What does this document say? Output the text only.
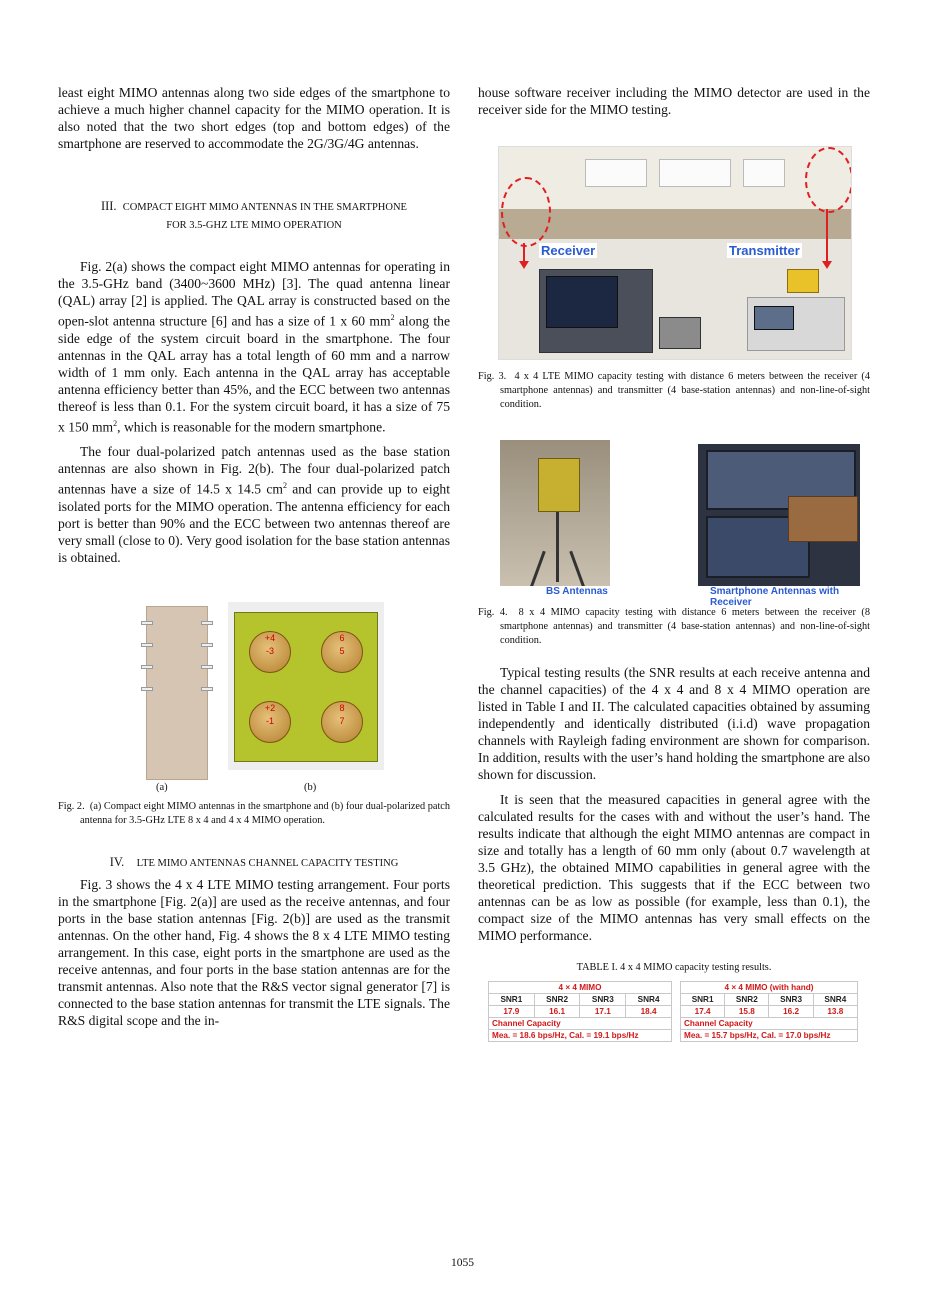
least eight MIMO antennas along two side edges of the smartphone to achieve a much higher channel capacity for the MIMO operation. It is also noted that the two short edges (top and bottom edges) of the smartphone are reserved to accommodate the 2G/3G/4G antennas.

III. COMPACT EIGHT MIMO ANTENNAS IN THE SMARTPHONE
FOR 3.5-GHZ LTE MIMO OPERATION

Fig. 2(a) shows the compact eight MIMO antennas for operating in the 3.5-GHz band (3400~3600 MHz) [3]. The quad antenna linear (QAL) array [2] is applied. The QAL array is constructed based on the open-slot antenna structure [6] and has a size of 1 x 60 $mm^2$ along the side edge of the system circuit board in the smartphone. The four antennas in the QAL array has a total length of 60 mm and a narrow width of 1 mm only. Each antenna in the QAL array has acceptable antenna efficiency better than 45%, and the ECC between two antennas thereof is less than 0.1. For the system circuit board, it has a size of 75 x 150 $mm^2$, which is reasonable for the modern smartphone.

The four dual-polarized patch antennas used as the base station antennas are also shown in Fig. 2(b). The four dual-polarized patch antennas have a size of 14.5 x 14.5 $cm^2$ and can provide up to eight isolated ports for the MIMO operation. The antenna efficiency for each port is better than 90% and the ECC between two antennas thereof are very small (close to 0). Very good isolation for the base station antennas is obtained.

+4
-3
6
5
+2
-1
8
7
(a)	(b)

Fig. 2. (a) Compact eight MIMO antennas in the smartphone and (b) four dual-polarized patch antenna for 3.5-GHz LTE 8 x 4 and 4 x 4 MIMO operation.

IV. LTE MIMO ANTENNAS CHANNEL CAPACITY TESTING

Fig. 3 shows the 4 x 4 LTE MIMO testing arrangement. Four ports in the smartphone [Fig. 2(a)] are used as the receive antennas, and four ports in the base station antennas [Fig. 2(b)] are used as the transmit antennas. On the other hand, Fig. 4 shows the 8 x 4 LTE MIMO testing arrangement. In this case, eight ports in the smartphone are used as the receive antennas, and four ports in the base station antennas are for the transmit antennas. Also note that the R&S vector signal generator [7] is connected to the base station antennas for transmit the LTE signals. The R&S digital scope and the in-

house software receiver including the MIMO detector are used in the receiver side for the MIMO testing.

Receiver	Transmitter

Fig. 3. 4 x 4 LTE MIMO capacity testing with distance 6 meters between the receiver (4 smartphone antennas) and transmitter (4 base-station antennas) and non-line-of-sight condition.

BS Antennas	Smartphone Antennas with Receiver

Fig. 4. 8 x 4 MIMO capacity testing with distance 6 meters between the receiver (8 smartphone antennas) and transmitter (4 base-station antennas) and non-line-of-sight condition.

Typical testing results (the SNR results at each receive antenna and the channel capacities) of the 4 x 4 and 8 x 4 MIMO operation are listed in Table I and II. The calculated capacities obtained by assuming independently and identically distributed (i.i.d) wave propagation channels with Rayleigh fading environment are shown for comparison. In addition, results with the user’s hand holding the smartphone are also shown for discussion.

It is seen that the measured capacities in general agree with the calculated results for the cases with and without the user’s hand. The results indicate that although the eight MIMO antennas are compact in size and totally has a length of 60 mm only (about 0.7 wavelength at 3.5 GHz), the obtained MIMO capabilities in general agree with the theoretical prediction. This suggests that if the ECC between two antennas can be as low as possible (for example, less than 0.1), the compact size of the MIMO antennas has very small effects on the MIMO performance.

TABLE I. 4 x 4 MIMO capacity testing results.

4 × 4 MIMO			
SNR1	SNR2	SNR3	SNR4
17.9	16.1	17.1	18.4
Channel Capacity			
Mea. = 18.6 bps/Hz, Cal. = 19.1 bps/Hz			
4 × 4 MIMO (with hand)			
SNR1	SNR2	SNR3	SNR4
17.4	15.8	16.2	13.8
Channel Capacity			
Mea. = 15.7 bps/Hz, Cal. = 17.0 bps/Hz			
1055
